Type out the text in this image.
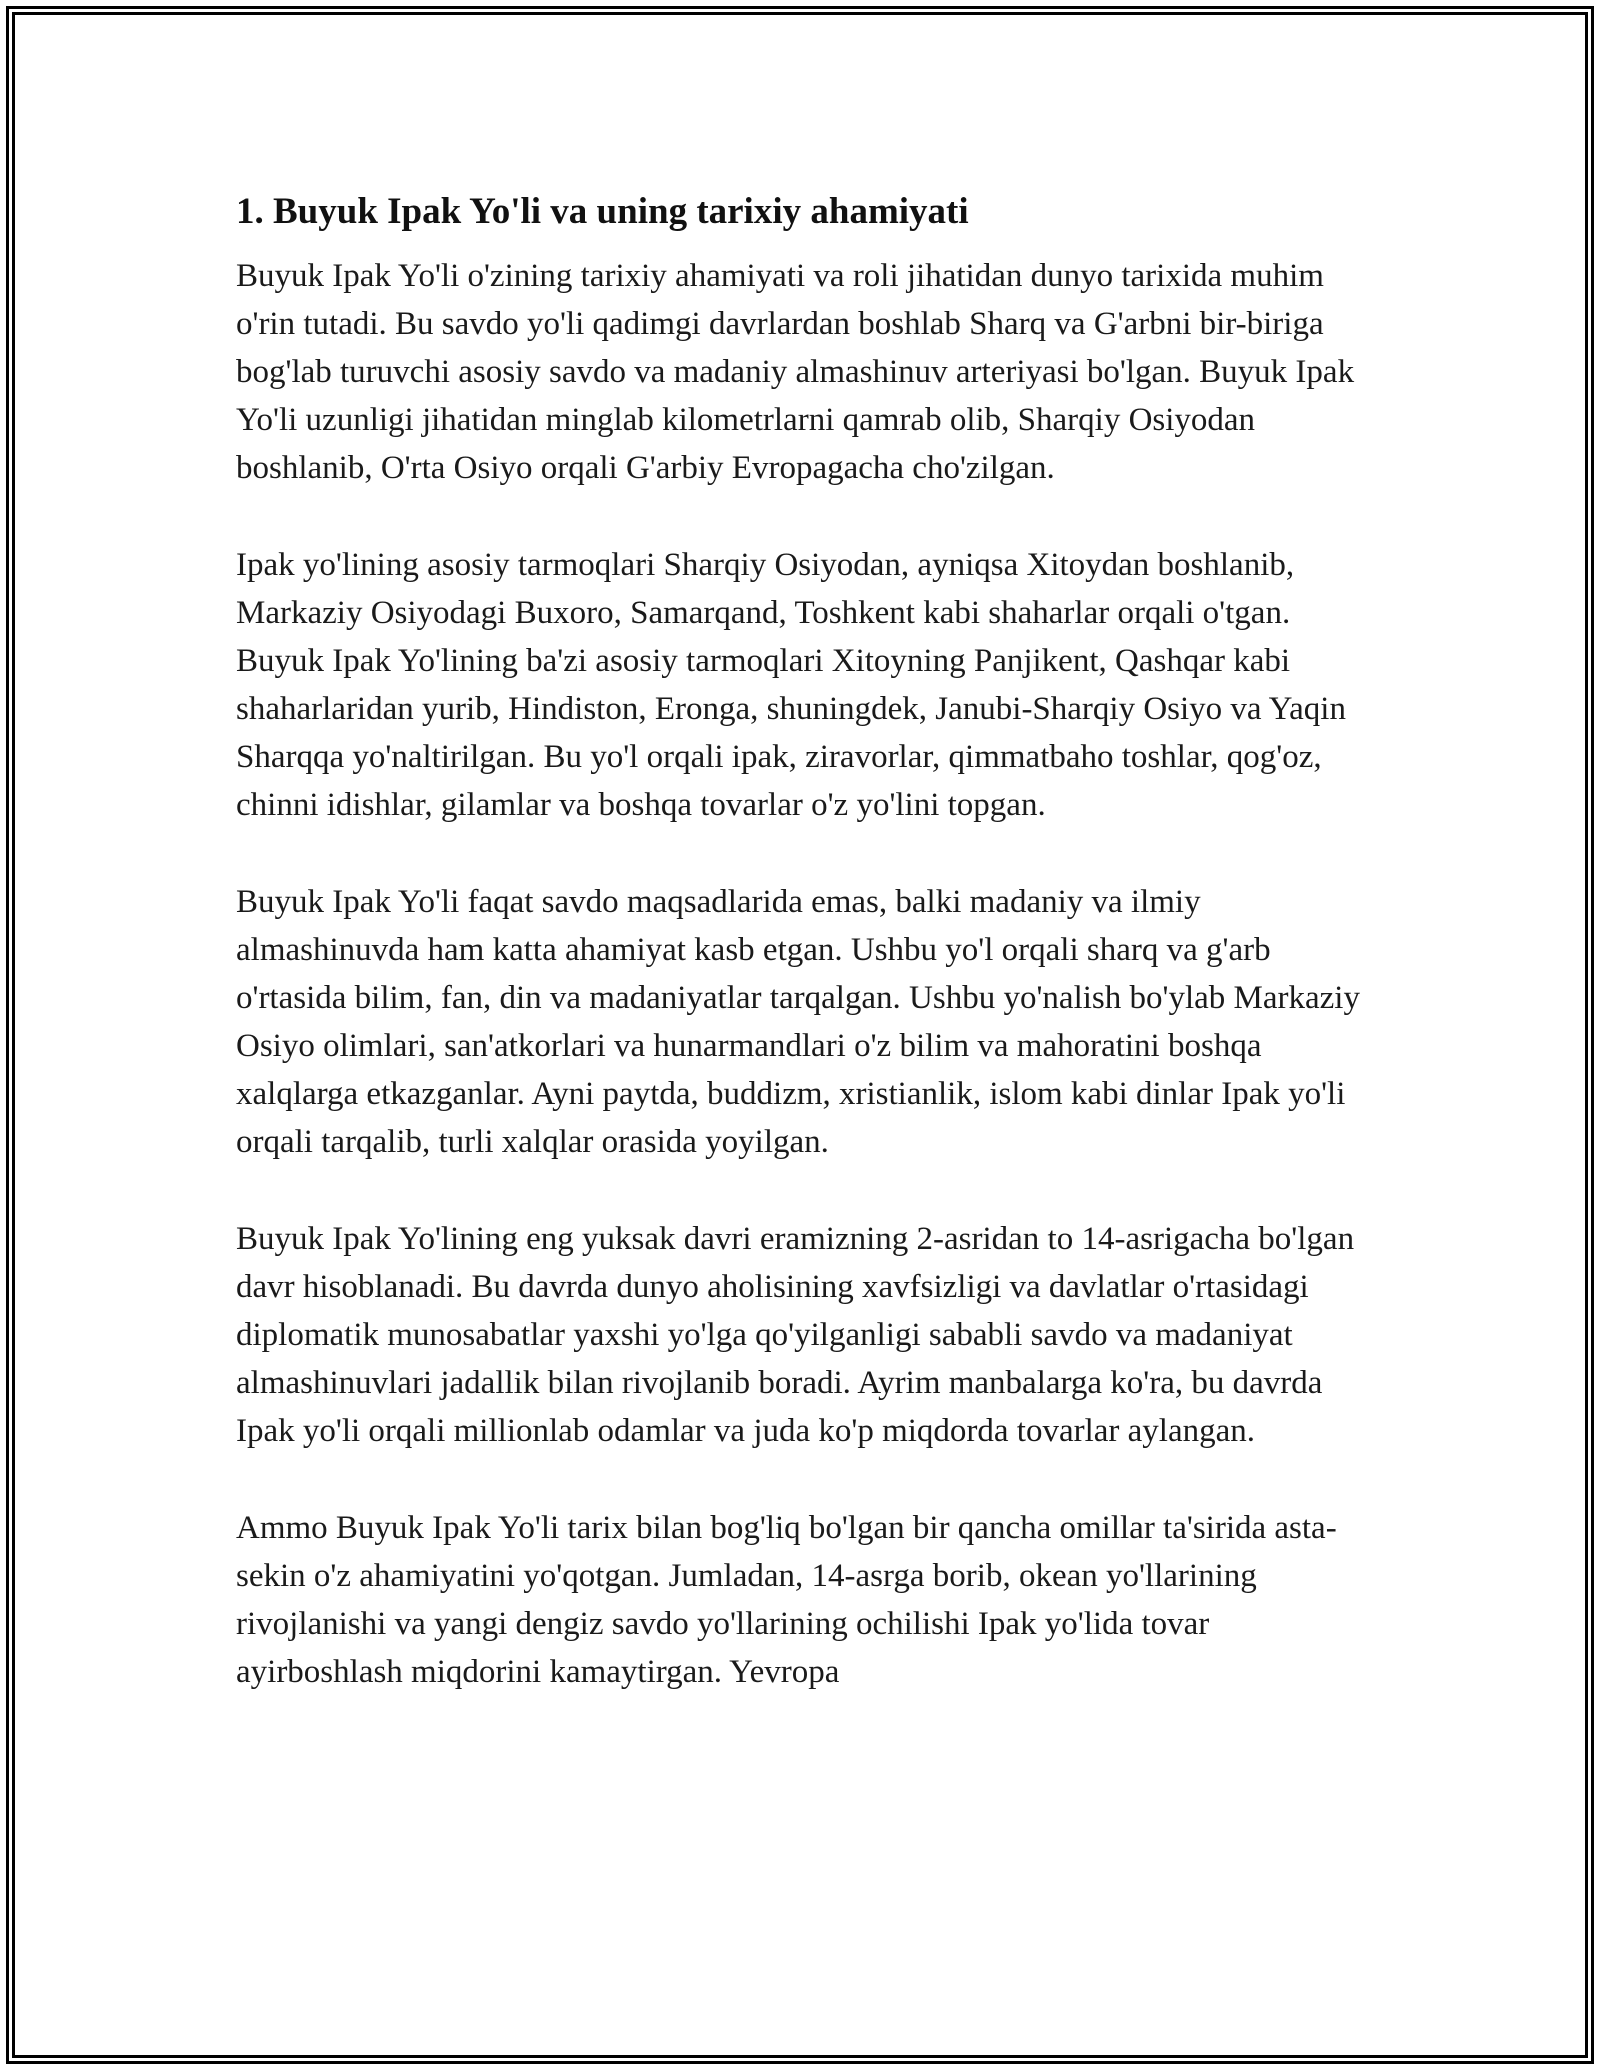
1. Buyuk Ipak Yo'li va uning tarixiy ahamiyati

Buyuk Ipak Yo'li o'zining tarixiy ahamiyati va roli jihatidan dunyo tarixida muhim o'rin tutadi. Bu savdo yo'li qadimgi davrlardan boshlab Sharq va G'arbni bir-biriga bog'lab turuvchi asosiy savdo va madaniy almashinuv arteriyasi bo'lgan. Buyuk Ipak Yo'li uzunligi jihatidan minglab kilometrlarni qamrab olib, Sharqiy Osiyodan boshlanib, O'rta Osiyo orqali G'arbiy Evropagacha cho'zilgan.

Ipak yo'lining asosiy tarmoqlari Sharqiy Osiyodan, ayniqsa Xitoydan boshlanib, Markaziy Osiyodagi Buxoro, Samarqand, Toshkent kabi shaharlar orqali o'tgan. Buyuk Ipak Yo'lining ba'zi asosiy tarmoqlari Xitoyning Panjikent, Qashqar kabi shaharlaridan yurib, Hindiston, Eronga, shuningdek, Janubi-Sharqiy Osiyo va Yaqin Sharqqa yo'naltirilgan. Bu yo'l orqali ipak, ziravorlar, qimmatbaho toshlar, qog'oz, chinni idishlar, gilamlar va boshqa tovarlar o'z yo'lini topgan.

Buyuk Ipak Yo'li faqat savdo maqsadlarida emas, balki madaniy va ilmiy almashinuvda ham katta ahamiyat kasb etgan. Ushbu yo'l orqali sharq va g'arb o'rtasida bilim, fan, din va madaniyatlar tarqalgan. Ushbu yo'nalish bo'ylab Markaziy Osiyo olimlari, san'atkorlari va hunarmandlari o'z bilim va mahoratini boshqa xalqlarga etkazganlar. Ayni paytda, buddizm, xristianlik, islom kabi dinlar Ipak yo'li orqali tarqalib, turli xalqlar orasida yoyilgan.

Buyuk Ipak Yo'lining eng yuksak davri eramizning 2-asridan to 14-asrigacha bo'lgan davr hisoblanadi. Bu davrda dunyo aholisining xavfsizligi va davlatlar o'rtasidagi diplomatik munosabatlar yaxshi yo'lga qo'yilganligi sababli savdo va madaniyat almashinuvlari jadallik bilan rivojlanib boradi. Ayrim manbalarga ko'ra, bu davrda Ipak yo'li orqali millionlab odamlar va juda ko'p miqdorda tovarlar aylangan.

Ammo Buyuk Ipak Yo'li tarix bilan bog'liq bo'lgan bir qancha omillar ta'sirida asta-sekin o'z ahamiyatini yo'qotgan. Jumladan, 14-asrga borib, okean yo'llarining rivojlanishi va yangi dengiz savdo yo'llarining ochilishi Ipak yo'lida tovar ayirboshlash miqdorini kamaytirgan. Yevropa
